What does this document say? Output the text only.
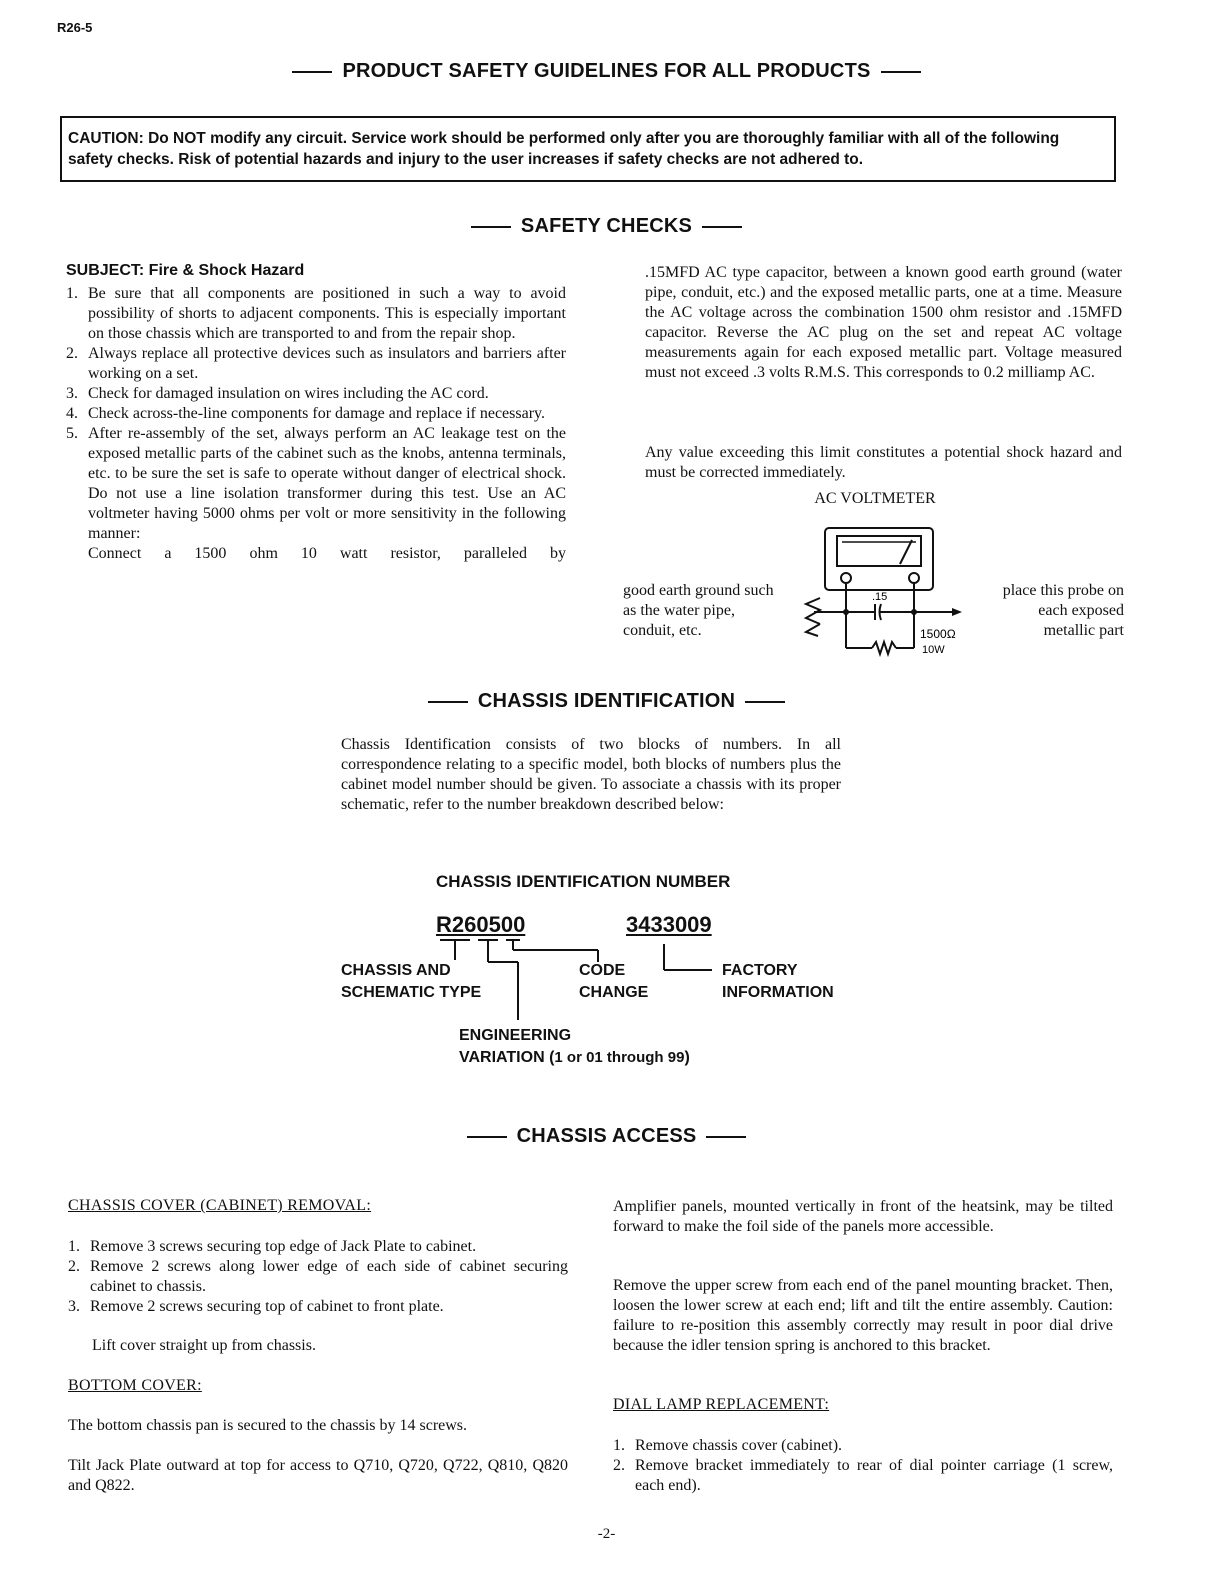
R26-5
PRODUCT SAFETY GUIDELINES FOR ALL PRODUCTS
CAUTION: Do NOT modify any circuit. Service work should be performed only after you are thoroughly familiar with all of the following safety checks. Risk of potential hazards and injury to the user increases if safety checks are not adhered to.
SAFETY CHECKS
SUBJECT: Fire & Shock Hazard
1. Be sure that all components are positioned in such a way to avoid possibility of shorts to adjacent components. This is especially important on those chassis which are transported to and from the repair shop.
2. Always replace all protective devices such as insulators and barriers after working on a set.
3. Check for damaged insulation on wires including the AC cord.
4. Check across-the-line components for damage and replace if necessary.
5. After re-assembly of the set, always perform an AC leakage test on the exposed metallic parts of the cabinet such as the knobs, antenna terminals, etc. to be sure the set is safe to operate without danger of electrical shock. Do not use a line isolation transformer during this test. Use an AC voltmeter having 5000 ohms per volt or more sensitivity in the following manner:
Connect a 1500 ohm 10 watt resistor, paralleled by
.15MFD AC type capacitor, between a known good earth ground (water pipe, conduit, etc.) and the exposed metallic parts, one at a time. Measure the AC voltage across the combination 1500 ohm resistor and .15MFD capacitor. Reverse the AC plug on the set and repeat AC voltage measurements again for each exposed metallic part. Voltage measured must not exceed .3 volts R.M.S. This corresponds to 0.2 milliamp AC.
Any value exceeding this limit constitutes a potential shock hazard and must be corrected immediately.
AC VOLTMETER
good earth ground such as the water pipe, conduit, etc.
place this probe on each exposed metallic part
.15
1500Ω
10W
CHASSIS IDENTIFICATION
Chassis Identification consists of two blocks of numbers. In all correspondence relating to a specific model, both blocks of numbers plus the cabinet model number should be given. To associate a chassis with its proper schematic, refer to the number breakdown described below:
CHASSIS IDENTIFICATION NUMBER
R260500	3433009
CHASSIS AND
SCHEMATIC TYPE
CODE
CHANGE
FACTORY
INFORMATION
ENGINEERING
VARIATION (1 or 01 through 99)
CHASSIS ACCESS
CHASSIS COVER (CABINET) REMOVAL:
1. Remove 3 screws securing top edge of Jack Plate to cabinet.
2. Remove 2 screws along lower edge of each side of cabinet securing cabinet to chassis.
3. Remove 2 screws securing top of cabinet to front plate.
Lift cover straight up from chassis.
BOTTOM COVER:
The bottom chassis pan is secured to the chassis by 14 screws.
Tilt Jack Plate outward at top for access to Q710, Q720, Q722, Q810, Q820 and Q822.
Amplifier panels, mounted vertically in front of the heatsink, may be tilted forward to make the foil side of the panels more accessible.
Remove the upper screw from each end of the panel mounting bracket. Then, loosen the lower screw at each end; lift and tilt the entire assembly. Caution: failure to re-position this assembly correctly may result in poor dial drive because the idler tension spring is anchored to this bracket.
DIAL LAMP REPLACEMENT:
1. Remove chassis cover (cabinet).
2. Remove bracket immediately to rear of dial pointer carriage (1 screw, each end).
-2-
